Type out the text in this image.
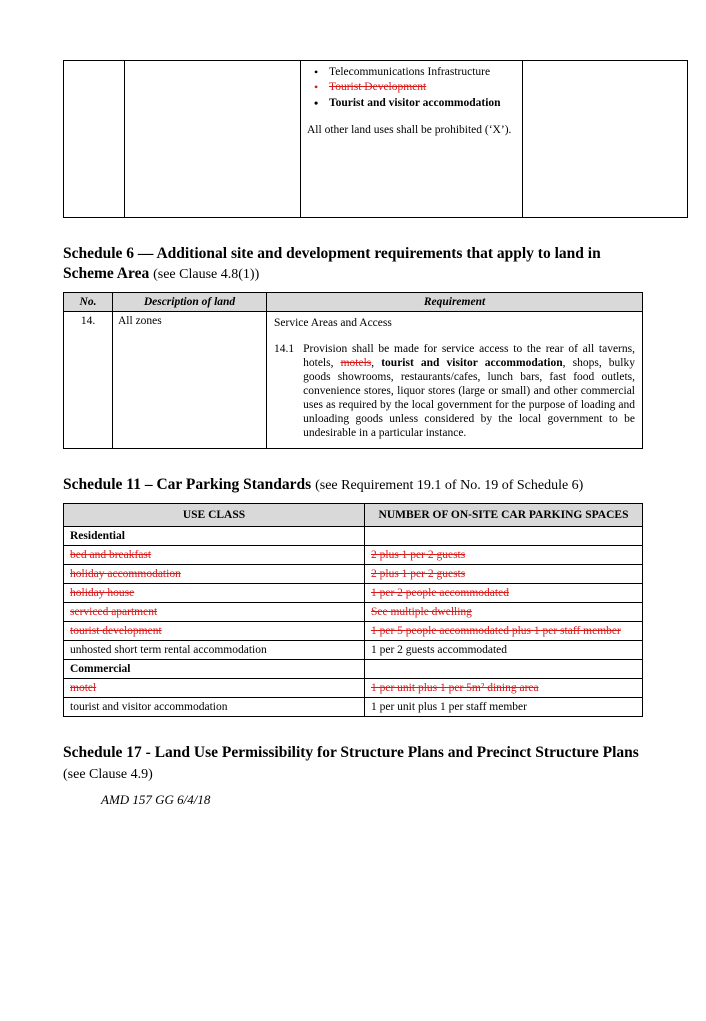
• Telecommunications Infrastructure
• Tourist Development
• Tourist and visitor accommodation
All other land uses shall be prohibited (‘X’).

Schedule 6 — Additional site and development requirements that apply to land in Scheme Area (see Clause 4.8(1))
No.	Description of land	Requirement
14.	All zones	Service Areas and Access
14.1 Provision shall be made for service access to the rear of all taverns, hotels, motels, tourist and visitor accommodation, shops, bulky goods showrooms, restaurants/cafes, lunch bars, fast food outlets, convenience stores, liquor stores (large or small) and other commercial uses as required by the local government for the purpose of loading and unloading goods unless considered by the local government to be undesirable in a particular instance.
Schedule 11 – Car Parking Standards (see Requirement 19.1 of No. 19 of Schedule 6)
USE CLASS	NUMBER OF ON-SITE CAR PARKING SPACES
Residential	
bed and breakfast	2 plus 1 per 2 guests
holiday accommodation	2 plus 1 per 2 guests
holiday house	1 per 2 people accommodated
serviced apartment	See multiple dwelling
tourist development	1 per 5 people accommodated plus 1 per staff member
unhosted short term rental accommodation	1 per 2 guests accommodated
Commercial	
motel	1 per unit plus 1 per 5m² dining area
tourist and visitor accommodation	1 per unit plus 1 per staff member
Schedule 17 - Land Use Permissibility for Structure Plans and Precinct Structure Plans (see Clause 4.9)
AMD 157 GG 6/4/18
